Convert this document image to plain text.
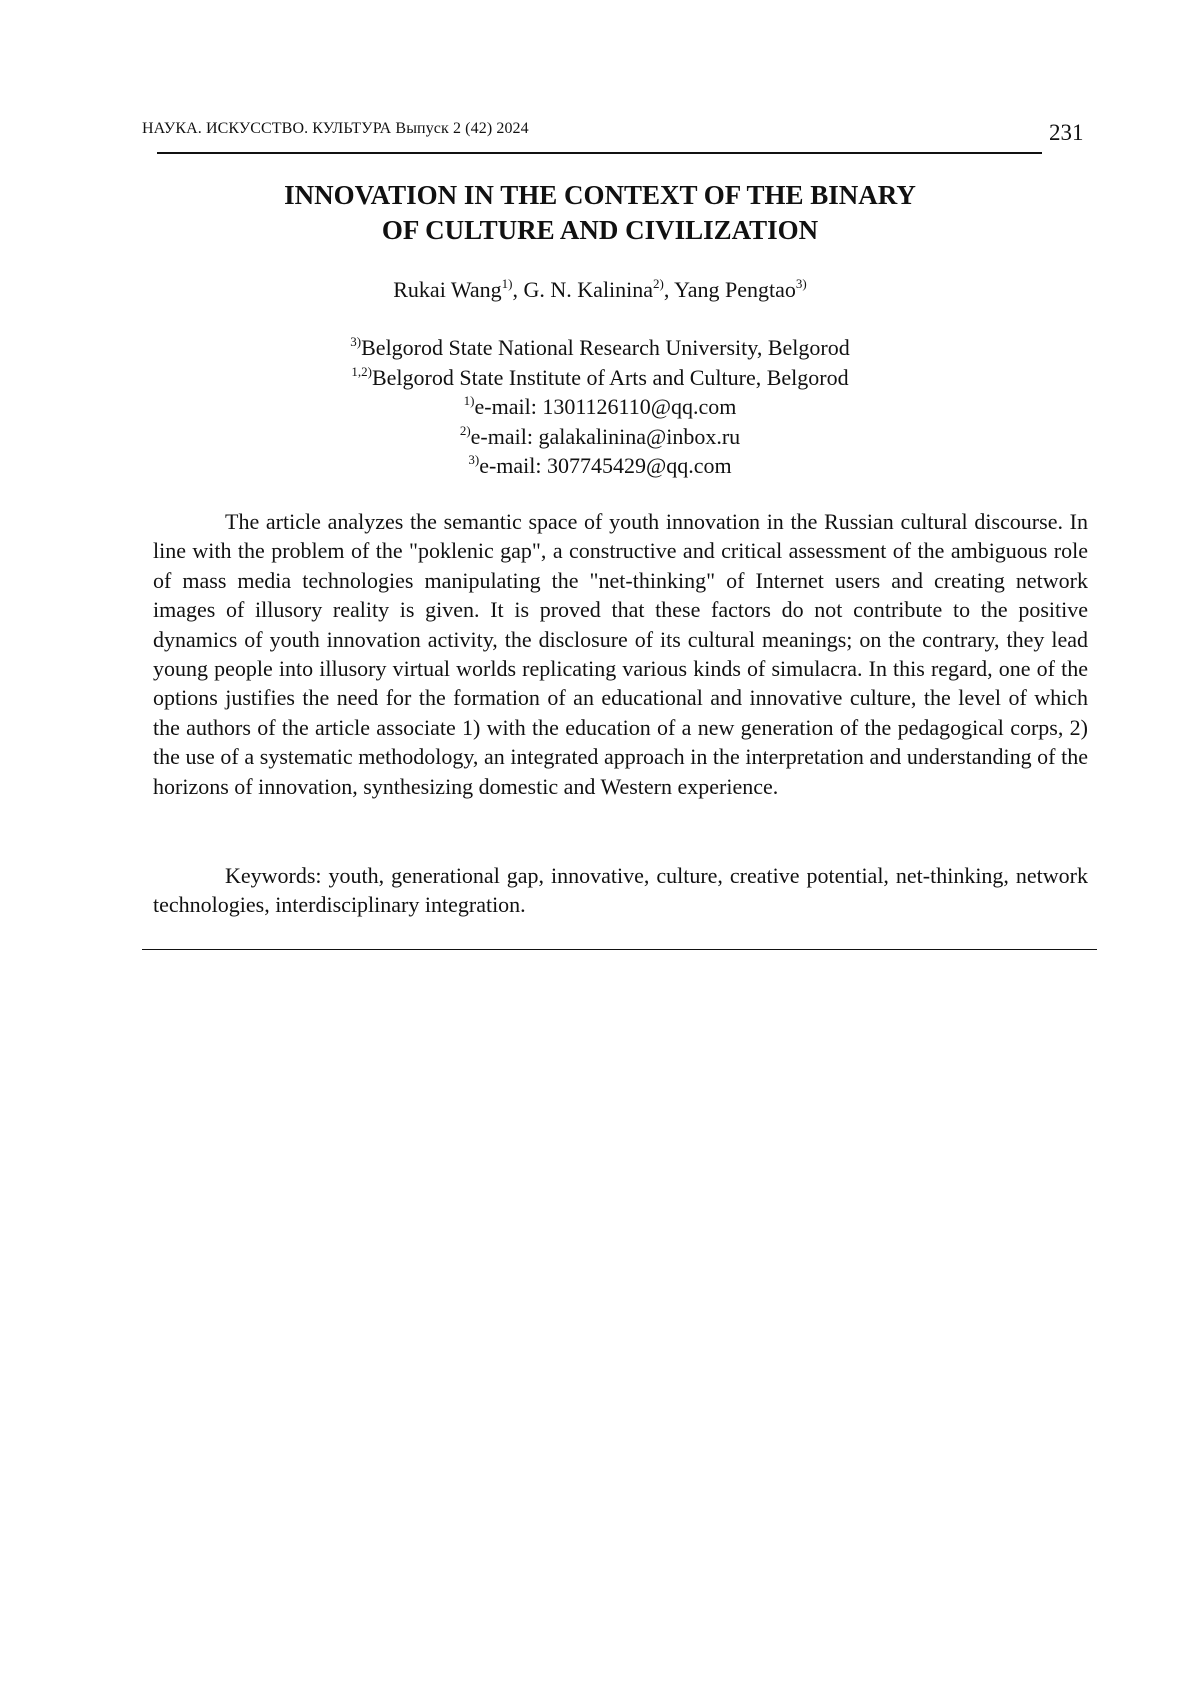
НАУКА. ИСКУССТВО. КУЛЬТУРА Выпуск 2 (42) 2024	231
INNOVATION IN THE CONTEXT OF THE BINARY
OF CULTURE AND CIVILIZATION
Rukai Wang$^{1)}$, G. N. Kalinina$^{2)}$, Yang Pengtao$^{3)}$
$^{3)}$Belgorod State National Research University, Belgorod
$^{1,2)}$Belgorod State Institute of Arts and Culture, Belgorod
$^{1)}$e-mail: 1301126110@qq.com
$^{2)}$e-mail: galakalinina@inbox.ru
$^{3)}$e-mail: 307745429@qq.com

The article analyzes the semantic space of youth innovation in the Russian cultural discourse. In line with the problem of the "poklenic gap", a constructive and critical assessment of the ambiguous role of mass media technologies manipulating the "net-thinking" of Internet users and creating network images of illusory reality is given. It is proved that these factors do not contribute to the positive dynamics of youth innovation activity, the disclosure of its cultural meanings; on the contrary, they lead young people into illusory virtual worlds replicating various kinds of simulacra. In this regard, one of the options justifies the need for the formation of an educational and innovative culture, the level of which the authors of the article associate 1) with the education of a new generation of the pedagogical corps, 2) the use of a systematic methodology, an integrated approach in the interpretation and understanding of the horizons of innovation, synthesizing domestic and Western experience.

Keywords: youth, generational gap, innovative, culture, creative potential, net-thinking, network technologies, interdisciplinary integration.
